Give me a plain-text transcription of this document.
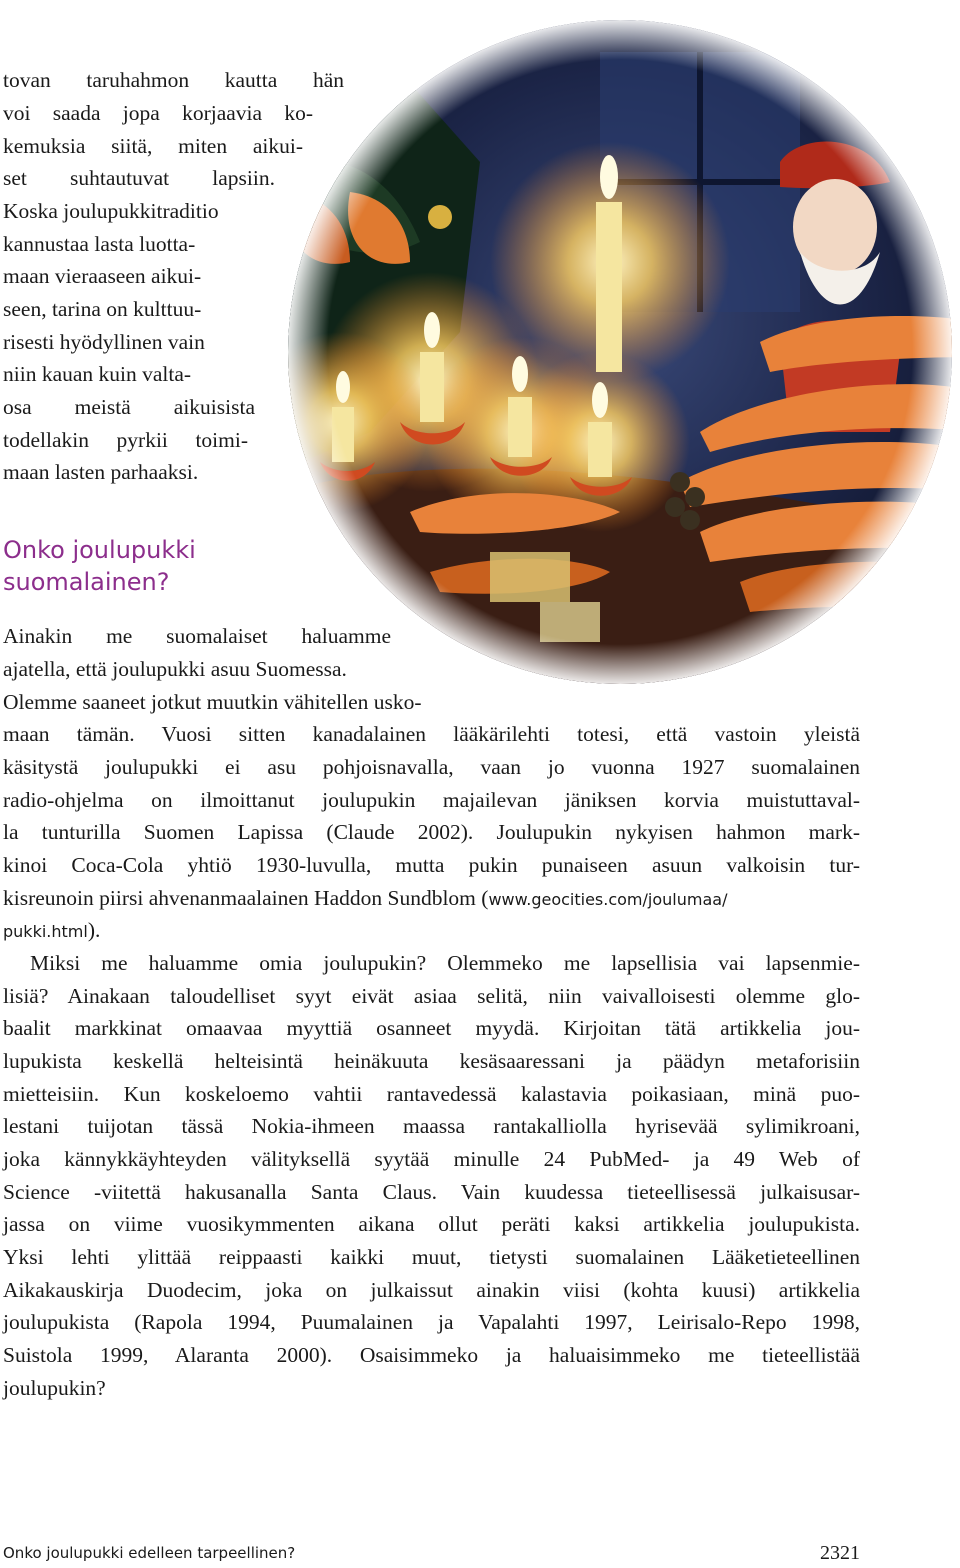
tovan taruhahmon kautta hän
voi saada jopa korjaavia ko-
kemuksia siitä, miten aikui-
set suhtautuvat lapsiin.
Koska joulupukkitraditio
kannustaa lasta luotta-
maan vieraaseen aikui-
seen, tarina on kulttuu-
risesti hyödyllinen vain
niin kauan kuin valta-
osa meistä aikuisista
todellakin pyrkii toimi-
maan lasten parhaaksi.
Onko joulupukki
suomalainen?
Ainakin me suomalaiset haluamme
ajatella, että joulupukki asuu Suomessa.
Olemme saaneet jotkut muutkin vähitellen usko-
maan tämän. Vuosi sitten kanadalainen lääkärilehti totesi, että vastoin yleistä
käsitystä joulupukki ei asu pohjoisnavalla, vaan jo vuonna 1927 suomalainen
radio-ohjelma on ilmoittanut joulupukin majailevan jäniksen korvia muistuttaval-
la tunturilla Suomen Lapissa (Claude 2002). Joulupukin nykyisen hahmon mark-
kinoi Coca-Cola yhtiö 1930-luvulla, mutta pukin punaiseen asuun valkoisin tur-
kisreunoin piirsi ahvenanmaalainen Haddon Sundblom (www.geocities.com/joulumaa/
pukki.html).
Miksi me haluamme omia joulupukin? Olemmeko me lapsellisia vai lapsenmie-
lisiä? Ainakaan taloudelliset syyt eivät asiaa selitä, niin vaivalloisesti olemme glo-
baalit markkinat omaavaa myyttiä osanneet myydä. Kirjoitan tätä artikkelia jou-
lupukista keskellä helteisintä heinäkuuta kesäsaaressani ja päädyn metaforisiin
mietteisiin. Kun koskeloemo vahtii rantavedessä kalastavia poikasiaan, minä puo-
lestani tuijotan tässä Nokia-ihmeen maassa rantakalliolla hyrisevää sylimikroani,
joka kännykkäyhteyden välityksellä syytää minulle 24 PubMed- ja 49 Web of
Science -viitettä hakusanalla Santa Claus. Vain kuudessa tieteellisessä julkaisusar-
jassa on viime vuosikymmenten aikana ollut peräti kaksi artikkelia joulupukista.
Yksi lehti ylittää reippaasti kaikki muut, tietysti suomalainen Lääketieteellinen
Aikakauskirja Duodecim, joka on julkaissut ainakin viisi (kohta kuusi) artikkelia
joulupukista (Rapola 1994, Puumalainen ja Vapalahti 1997, Leirisalo-Repo 1998,
Suistola 1999, Alaranta 2000). Osaisimmeko ja haluaisimmeko me tieteellistää
joulupukin?
Onko joulupukki edelleen tarpeellinen?	2321
